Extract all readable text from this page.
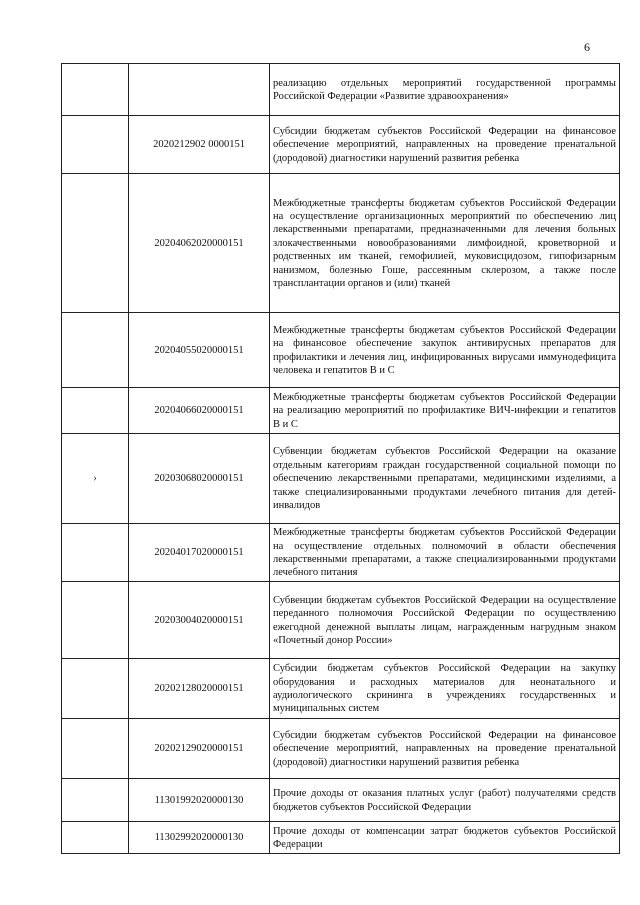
6
		реализацию отдельных мероприятий государственной программы Российской Федерации «Развитие здравоохранения»
	2020212902 0000151	Субсидии бюджетам субъектов Российской Федерации на финансовое обеспечение мероприятий, направленных на проведение пренатальной (дородовой) диагностики нарушений развития ребенка
	20204062020000151	Межбюджетные трансферты бюджетам субъектов Российской Федерации на осуществление организационных мероприятий по обеспечению лиц лекарственными препаратами, предназначенными для лечения больных злокачественными новообразованиями лимфоидной, кроветворной и родственных им тканей, гемофилией, муковисцидозом, гипофизарным нанизмом, болезнью Гоше, рассеянным склерозом, а также после трансплантации органов и (или) тканей
	20204055020000151	Межбюджетные трансферты бюджетам субъектов Российской Федерации на финансовое обеспечение закупок антивирусных препаратов для профилактики и лечения лиц, инфицированных вирусами иммунодефицита человека и гепатитов В и С
	20204066020000151	Межбюджетные трансферты бюджетам субъектов Российской Федерации на реализацию мероприятий по профилактике ВИЧ-инфекции и гепатитов В и С
›	20203068020000151	Субвенции бюджетам субъектов Российской Федерации на оказание отдельным категориям граждан государственной социальной помощи по обеспечению лекарственными препаратами, медицинскими изделиями, а также специализированными продуктами лечебного питания для детей-инвалидов
	20204017020000151	Межбюджетные трансферты бюджетам субъектов Российской Федерации на осуществление отдельных полномочий в области обеспечения лекарственными препаратами, а также специализированными продуктами лечебного питания
	20203004020000151	Субвенции бюджетам субъектов Российской Федерации на осуществление переданного полномочия Российской Федерации по осуществлению ежегодной денежной выплаты лицам, награжденным нагрудным знаком «Почетный донор России»
	20202128020000151	Субсидии бюджетам субъектов Российской Федерации на закупку оборудования и расходных материалов для неонатального и аудиологического скрининга в учреждениях государственных и муниципальных систем
	20202129020000151	Субсидии бюджетам субъектов Российской Федерации на финансовое обеспечение мероприятий, направленных на проведение пренатальной (дородовой) диагностики нарушений развития ребенка
	11301992020000130	Прочие доходы от оказания платных услуг (работ) получателями средств бюджетов субъектов Российской Федерации
	11302992020000130	Прочие доходы от компенсации затрат бюджетов субъектов Российской Федерации
